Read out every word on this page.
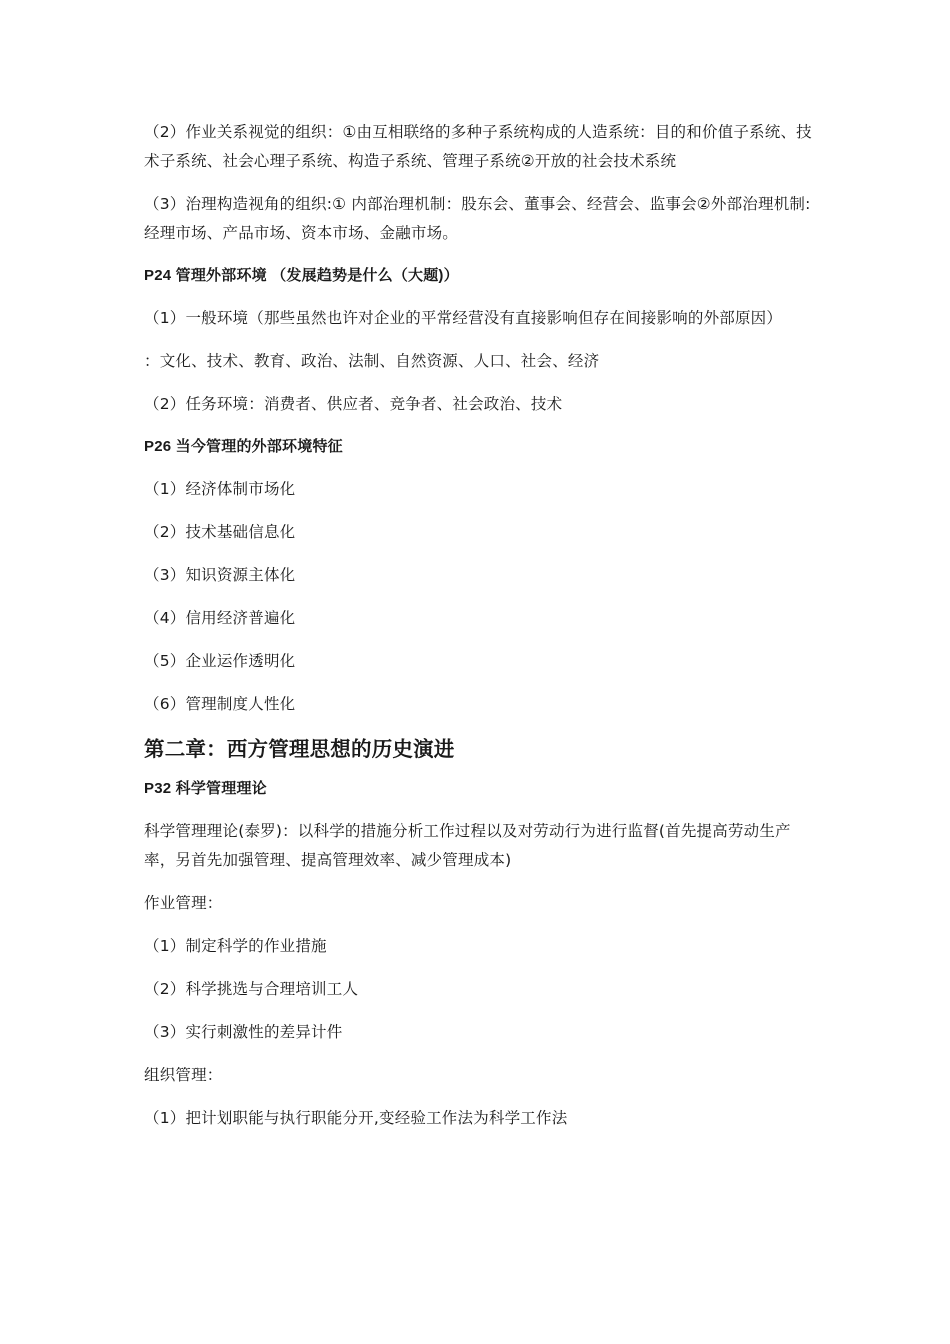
（2）作业关系视觉的组织：①由互相联络的多种子系统构成的人造系统：目的和价值子系统、技术子系统、社会心理子系统、构造子系统、管理子系统②开放的社会技术系统

（3）治理构造视角的组织:① 内部治理机制：股东会、董事会、经营会、监事会②外部治理机制:经理市场、产品市场、资本市场、金融市场。

P24 管理外部环境 （发展趋势是什么（大题)）

（1）一般环境（那些虽然也许对企业的平常经营没有直接影响但存在间接影响的外部原因）

：文化、技术、教育、政治、法制、自然资源、人口、社会、经济

（2）任务环境：消费者、供应者、竞争者、社会政治、技术

P26 当今管理的外部环境特征

（1）经济体制市场化

（2）技术基础信息化

（3）知识资源主体化

（4）信用经济普遍化

（5）企业运作透明化

（6）管理制度人性化

第二章：西方管理思想的历史演进

P32 科学管理理论

科学管理理论(泰罗)：以科学的措施分析工作过程以及对劳动行为进行监督(首先提高劳动生产率，另首先加强管理、提高管理效率、减少管理成本)

作业管理：

（1）制定科学的作业措施

（2）科学挑选与合理培训工人

（3）实行刺激性的差异计件

组织管理：

（1）把计划职能与执行职能分开,变经验工作法为科学工作法
